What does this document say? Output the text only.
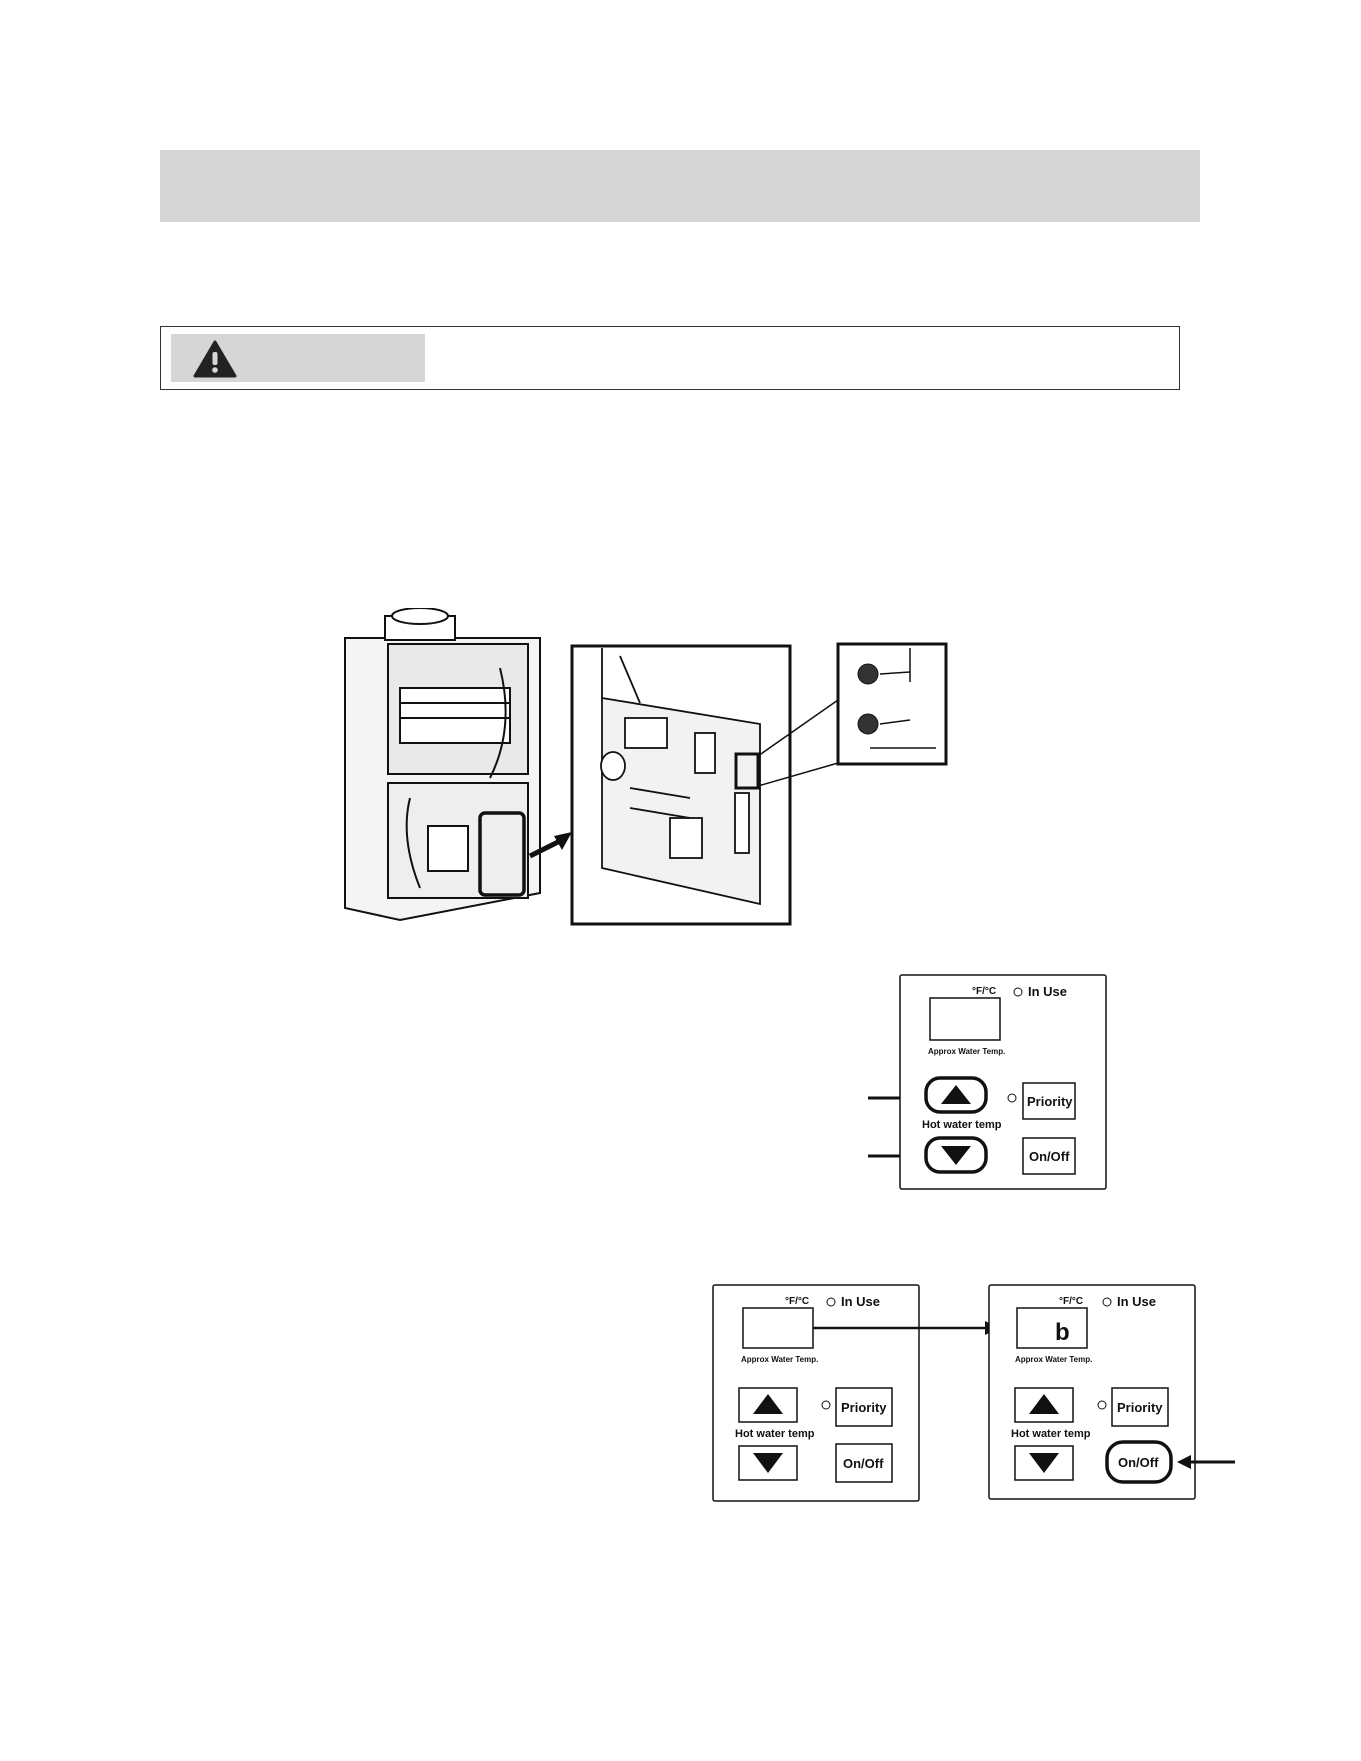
°F/°C In Use
Approx Water Temp.
Hot water temp
Priority
On/Off
°F/°C In Use
Approx Water Temp.
Hot water temp
Priority
On/Off
b
°F/°C	In Use
Approx Water Temp.
Hot water temp
Priority
On/Off
